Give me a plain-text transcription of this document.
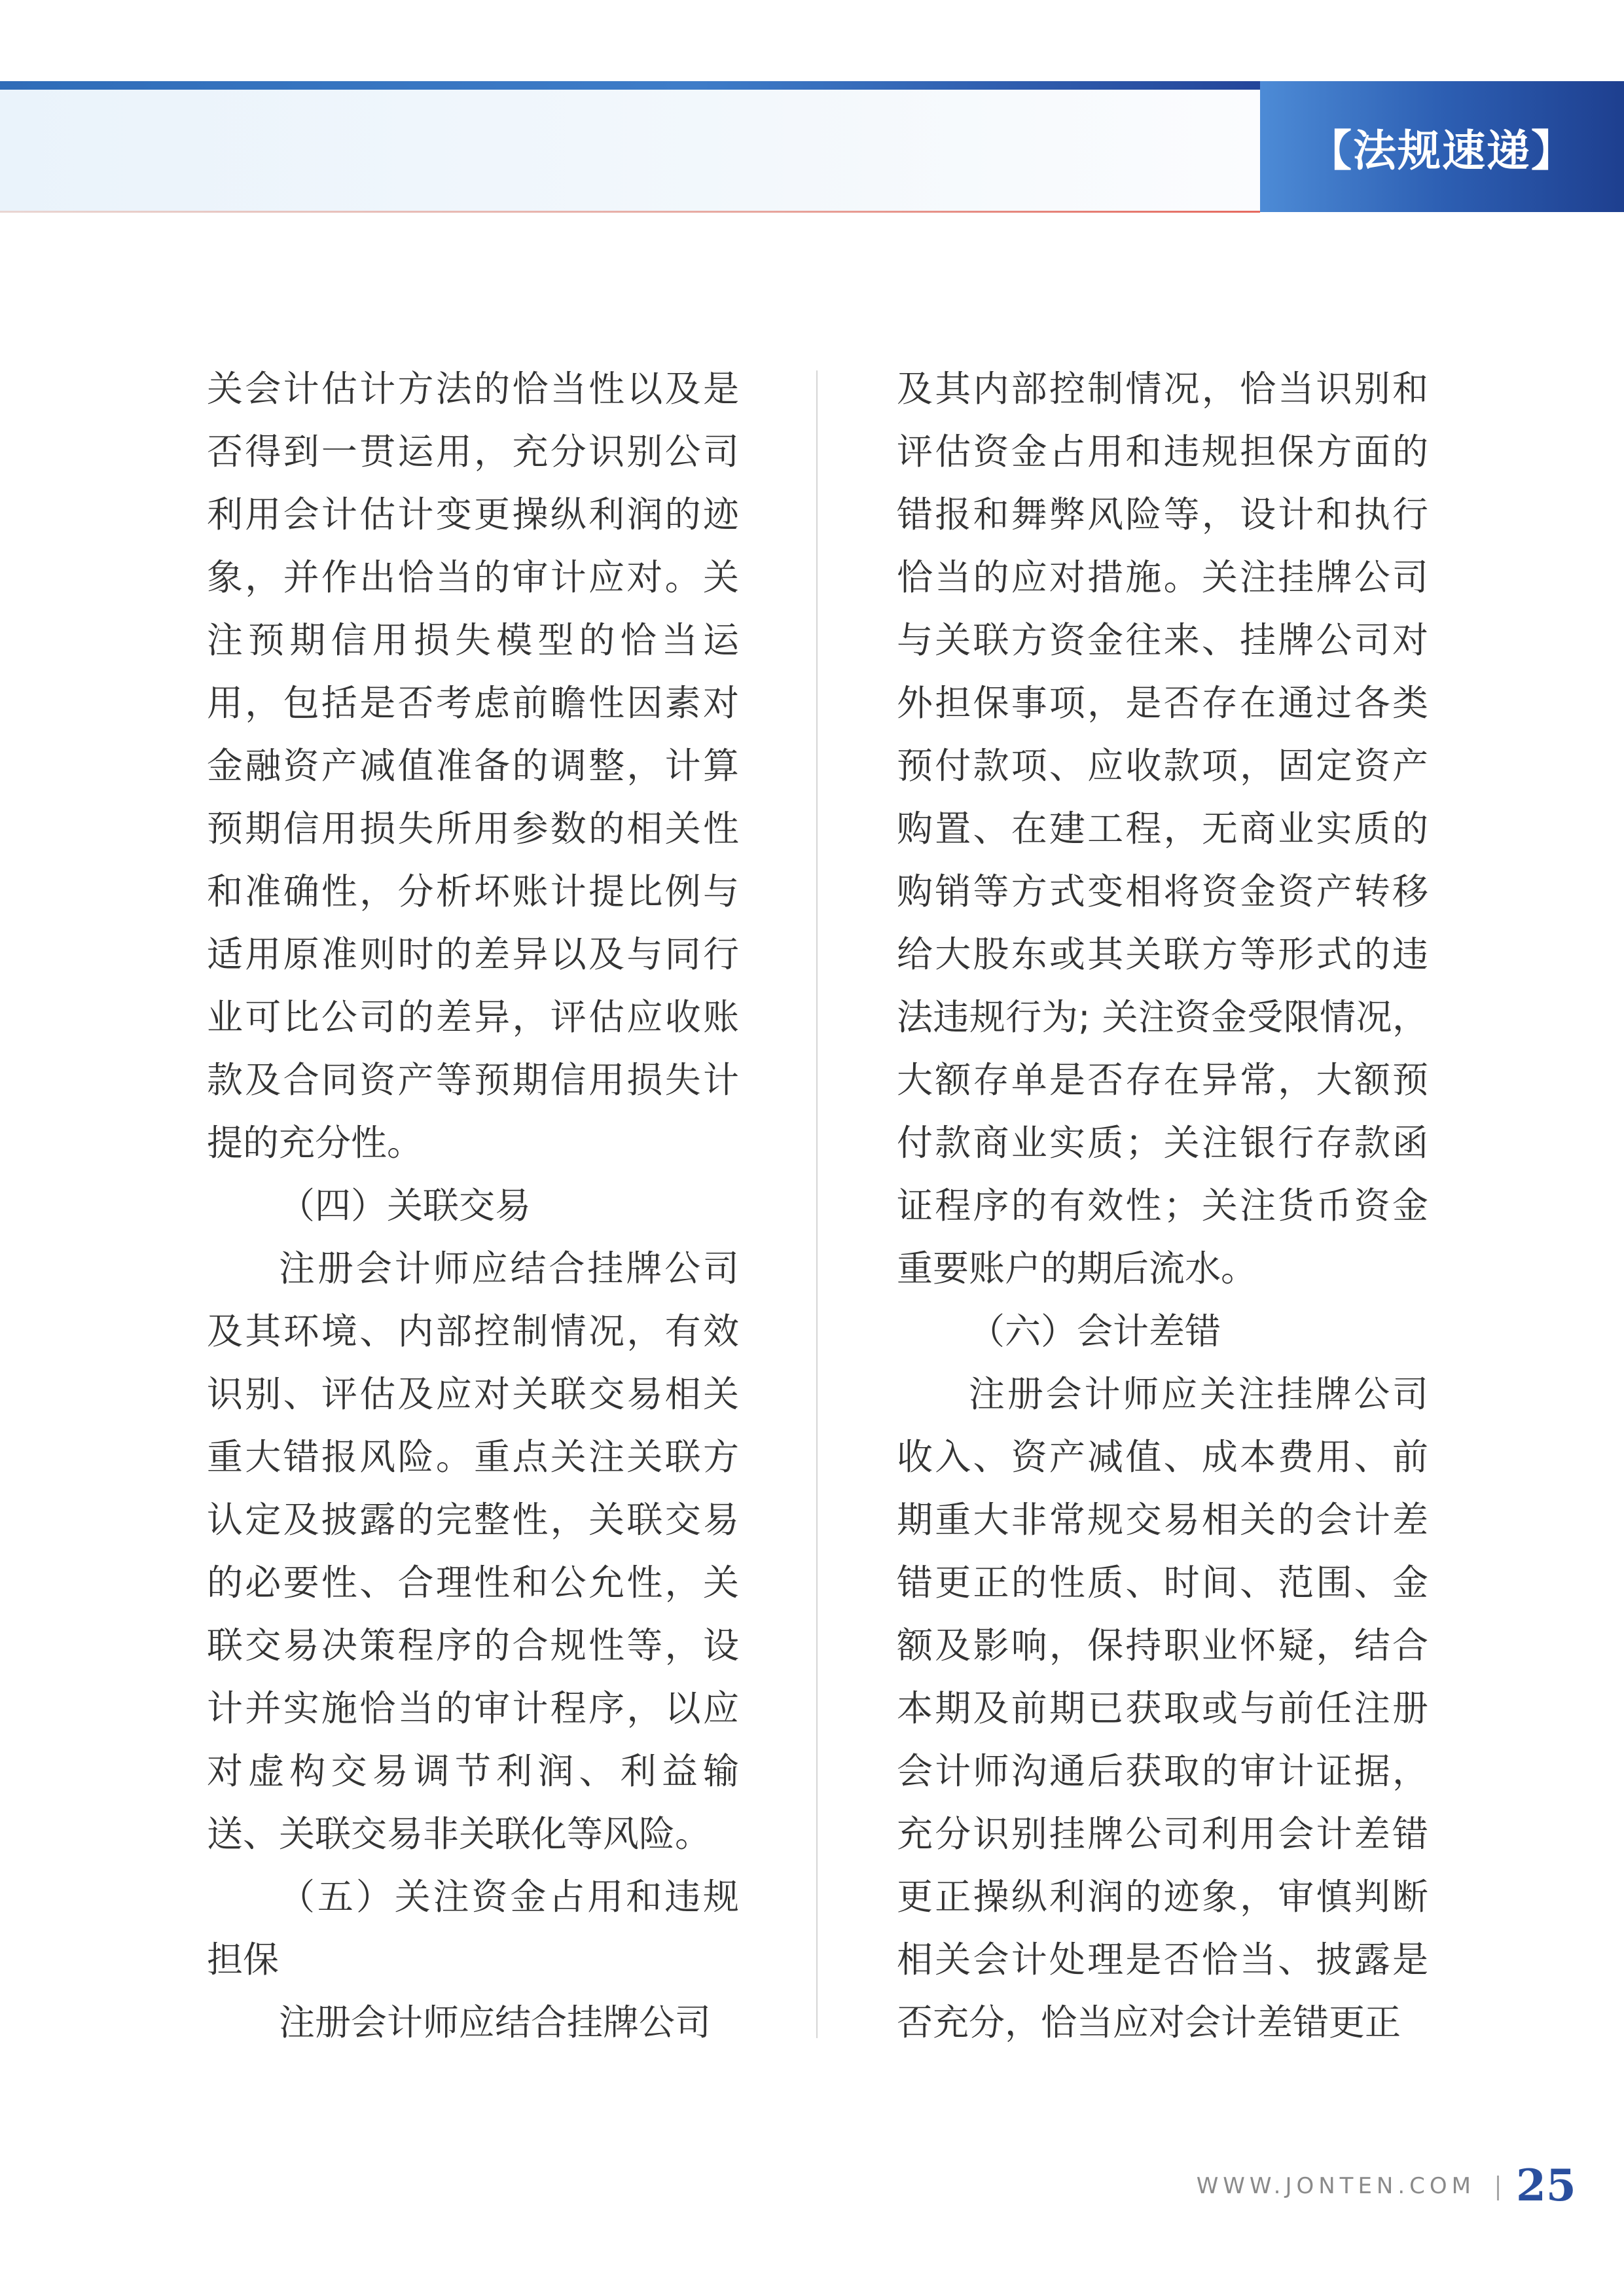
【法规速递】

关会计估计方法的恰当性以及是否得到一贯运用，充分识别公司利用会计估计变更操纵利润的迹象，并作出恰当的审计应对。关注预期信用损失模型的恰当运用，包括是否考虑前瞻性因素对金融资产减值准备的调整，计算预期信用损失所用参数的相关性和准确性，分析坏账计提比例与适用原准则时的差异以及与同行业可比公司的差异，评估应收账款及合同资产等预期信用损失计提的充分性。

（四）关联交易

注册会计师应结合挂牌公司及其环境、内部控制情况，有效识别、评估及应对关联交易相关重大错报风险。重点关注关联方认定及披露的完整性，关联交易的必要性、合理性和公允性，关联交易决策程序的合规性等，设计并实施恰当的审计程序，以应对虚构交易调节利润、利益输送、关联交易非关联化等风险。

（五）关注资金占用和违规担保

注册会计师应结合挂牌公司

及其内部控制情况，恰当识别和评估资金占用和违规担保方面的错报和舞弊风险等，设计和执行恰当的应对措施。关注挂牌公司与关联方资金往来、挂牌公司对外担保事项，是否存在通过各类预付款项、应收款项，固定资产购置、在建工程，无商业实质的购销等方式变相将资金资产转移给大股东或其关联方等形式的违法违规行为; 关注资金受限情况，大额存单是否存在异常，大额预付款商业实质；关注银行存款函证程序的有效性；关注货币资金重要账户的期后流水。

（六）会计差错

注册会计师应关注挂牌公司收入、资产减值、成本费用、前期重大非常规交易相关的会计差错更正的性质、时间、范围、金额及影响，保持职业怀疑，结合本期及前期已获取或与前任注册会计师沟通后获取的审计证据，充分识别挂牌公司利用会计差错更正操纵利润的迹象，审慎判断相关会计处理是否恰当、披露是否充分，恰当应对会计差错更正

WWW.JONTEN.COM 25
